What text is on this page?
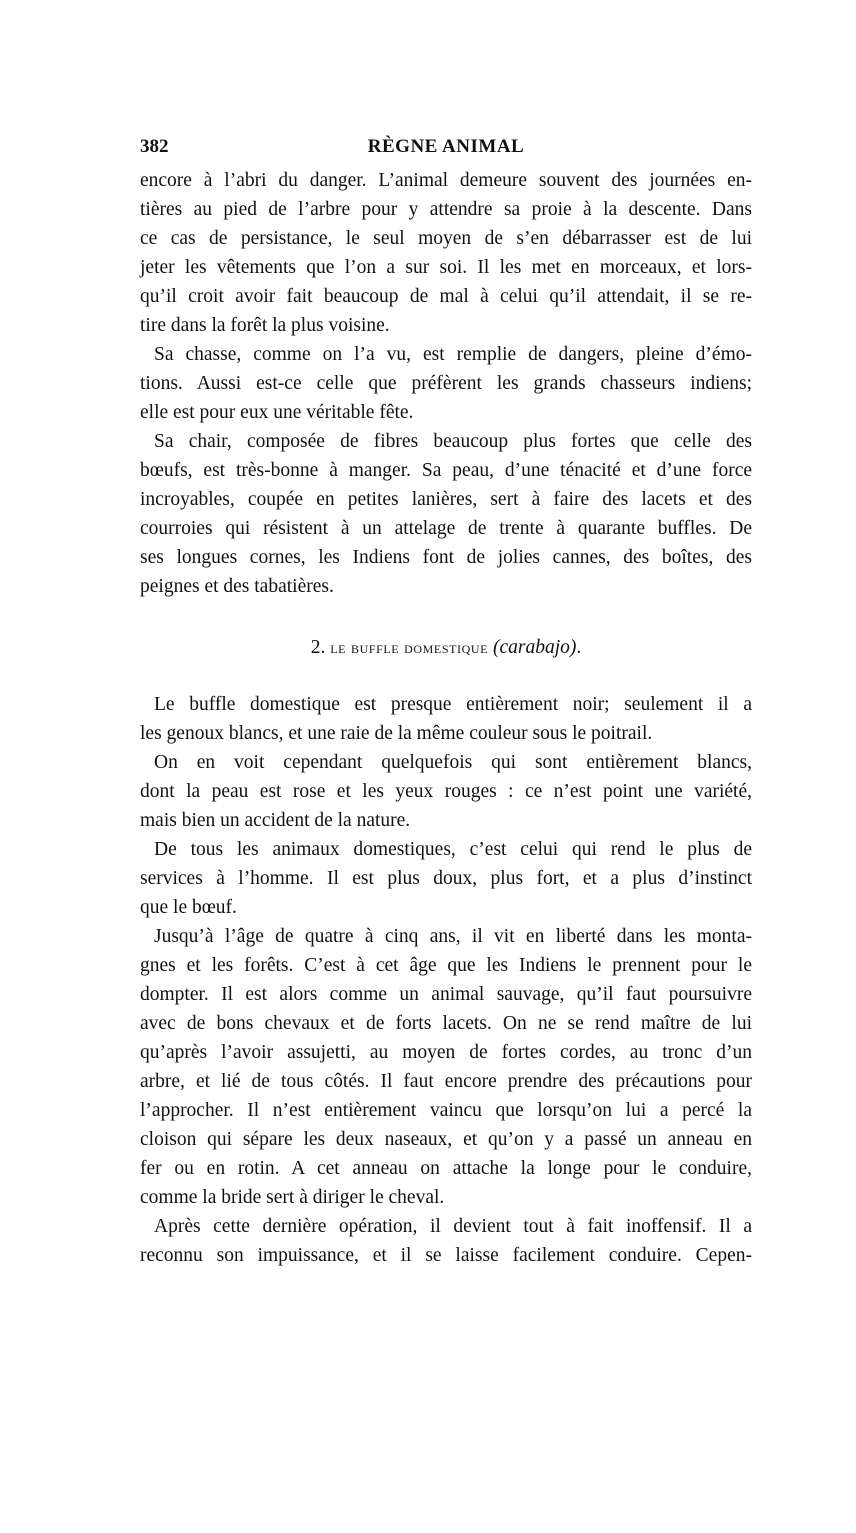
382	RÈGNE ANIMAL
encore à l’abri du danger. L’animal demeure souvent des journées en-
tières au pied de l’arbre pour y attendre sa proie à la descente. Dans
ce cas de persistance, le seul moyen de s’en débarrasser est de lui
jeter les vêtements que l’on a sur soi. Il les met en morceaux, et lors-
qu’il croit avoir fait beaucoup de mal à celui qu’il attendait, il se re-
tire dans la forêt la plus voisine.
Sa chasse, comme on l’a vu, est remplie de dangers, pleine d’émo-
tions. Aussi est-ce celle que préfèrent les grands chasseurs indiens;
elle est pour eux une véritable fête.
Sa chair, composée de fibres beaucoup plus fortes que celle des
bœufs, est très-bonne à manger. Sa peau, d’une ténacité et d’une force
incroyables, coupée en petites lanières, sert à faire des lacets et des
courroies qui résistent à un attelage de trente à quarante buffles. De
ses longues cornes, les Indiens font de jolies cannes, des boîtes, des
peignes et des tabatières.
2. le buffle domestique (carabajo).
Le buffle domestique est presque entièrement noir; seulement il a
les genoux blancs, et une raie de la même couleur sous le poitrail.
On en voit cependant quelquefois qui sont entièrement blancs,
dont la peau est rose et les yeux rouges : ce n’est point une variété,
mais bien un accident de la nature.
De tous les animaux domestiques, c’est celui qui rend le plus de
services à l’homme. Il est plus doux, plus fort, et a plus d’instinct
que le bœuf.
Jusqu’à l’âge de quatre à cinq ans, il vit en liberté dans les monta-
gnes et les forêts. C’est à cet âge que les Indiens le prennent pour le
dompter. Il est alors comme un animal sauvage, qu’il faut poursuivre
avec de bons chevaux et de forts lacets. On ne se rend maître de lui
qu’après l’avoir assujetti, au moyen de fortes cordes, au tronc d’un
arbre, et lié de tous côtés. Il faut encore prendre des précautions pour
l’approcher. Il n’est entièrement vaincu que lorsqu’on lui a percé la
cloison qui sépare les deux naseaux, et qu’on y a passé un anneau en
fer ou en rotin. A cet anneau on attache la longe pour le conduire,
comme la bride sert à diriger le cheval.
Après cette dernière opération, il devient tout à fait inoffensif. Il a
reconnu son impuissance, et il se laisse facilement conduire. Cepen-
